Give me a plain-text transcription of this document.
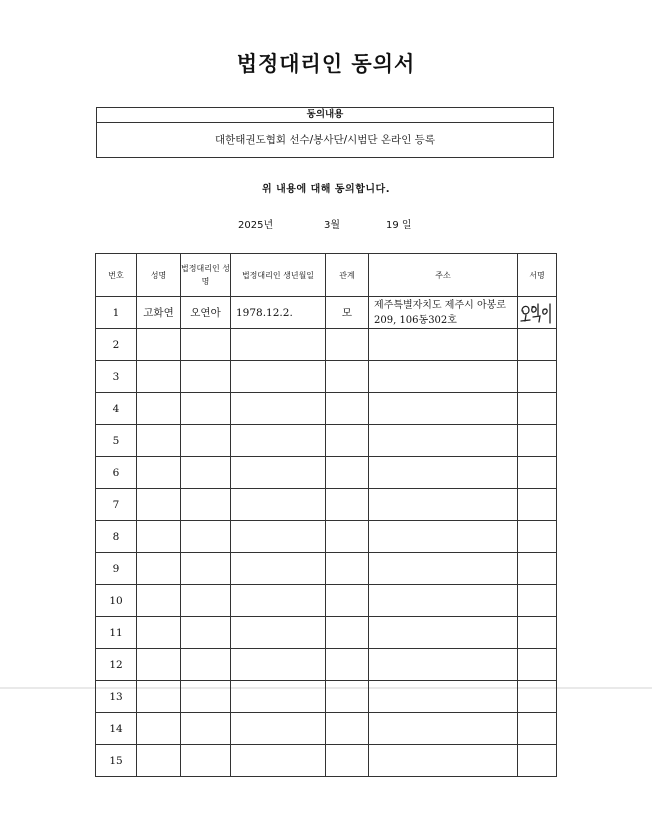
법정대리인 동의서
동의내용
대한태권도협회 선수/봉사단/시범단 온라인 등록
위 내용에 대해 동의합니다.
2025년	3월	19 일
번호	성명	법정대리인 성명	법정대리인 생년월일	관계	주소	서명
1	고화연	오연아	1978.12.2.	모	제주특별자치도 제주시 아봉로209, 106동302호	

2						
3						
4						
5						
6						
7						
8						
9						
10						
11						
12						
13						
14						
15						
